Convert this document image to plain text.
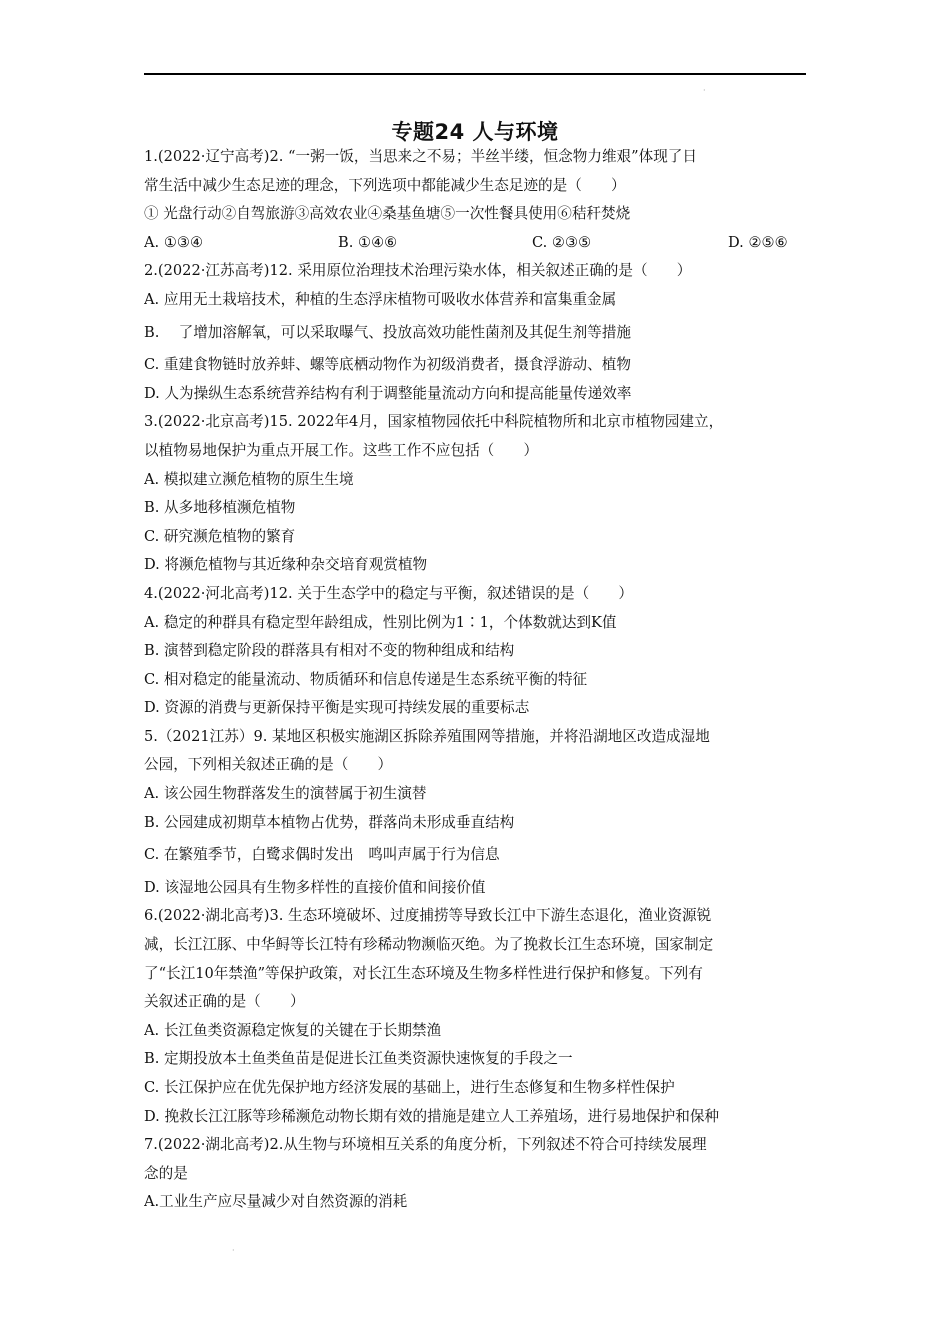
·
·
专题24 人与环境
1.(2022·辽宁高考)2. “一粥一饭，当思来之不易；半丝半缕，恒念物力维艰”体现了日
常生活中减少生态足迹的理念，下列选项中都能减少生态足迹的是（　　）
① 光盘行动②自驾旅游③高效农业④桑基鱼塘⑤一次性餐具使用⑥秸秆焚烧
A. ①③④	B. ①④⑥	C. ②③⑤	D. ②⑤⑥
2.(2022·江苏高考)12. 采用原位治理技术治理污染水体，相关叙述正确的是（　　）
A. 应用无土栽培技术，种植的生态浮床植物可吸收水体营养和富集重金属
B.　 了增加溶解氧，可以采取曝气、投放高效功能性菌剂及其促生剂等措施
C. 重建食物链时放养蚌、螺等底栖动物作为初级消费者，摄食浮游动、植物
D. 人为操纵生态系统营养结构有利于调整能量流动方向和提高能量传递效率
3.(2022·北京高考)15. 2022年4月，国家植物园依托中科院植物所和北京市植物园建立，
以植物易地保护为重点开展工作。这些工作不应包括（　　）
A. 模拟建立濒危植物的原生生境
B. 从多地移植濒危植物
C. 研究濒危植物的繁育
D. 将濒危植物与其近缘种杂交培育观赏植物
4.(2022·河北高考)12. 关于生态学中的稳定与平衡，叙述错误的是（　　）
A. 稳定的种群具有稳定型年龄组成，性别比例为1∶1，个体数就达到K值
B. 演替到稳定阶段的群落具有相对不变的物种组成和结构
C. 相对稳定的能量流动、物质循环和信息传递是生态系统平衡的特征
D. 资源的消费与更新保持平衡是实现可持续发展的重要标志
5.（2021江苏）9. 某地区积极实施湖区拆除养殖围网等措施，并将沿湖地区改造成湿地
公园，下列相关叙述正确的是（　　）
A. 该公园生物群落发生的演替属于初生演替
B. 公园建成初期草本植物占优势，群落尚未形成垂直结构
C. 在繁殖季节，白鹭求偶时发出　鸣叫声属于行为信息
D. 该湿地公园具有生物多样性的直接价值和间接价值
6.(2022·湖北高考)3. 生态环境破坏、过度捕捞等导致长江中下游生态退化，渔业资源锐
减，长江江豚、中华鲟等长江特有珍稀动物濒临灭绝。为了挽救长江生态环境，国家制定
了“长江10年禁渔”等保护政策，对长江生态环境及生物多样性进行保护和修复。下列有
关叙述正确的是（　　）
A. 长江鱼类资源稳定恢复的关键在于长期禁渔
B. 定期投放本土鱼类鱼苗是促进长江鱼类资源快速恢复的手段之一
C. 长江保护应在优先保护地方经济发展的基础上，进行生态修复和生物多样性保护
D. 挽救长江江豚等珍稀濒危动物长期有效的措施是建立人工养殖场，进行易地保护和保种
7.(2022·湖北高考)2.从生物与环境相互关系的角度分析，下列叙述不符合可持续发展理
念的是
A.工业生产应尽量减少对自然资源的消耗
